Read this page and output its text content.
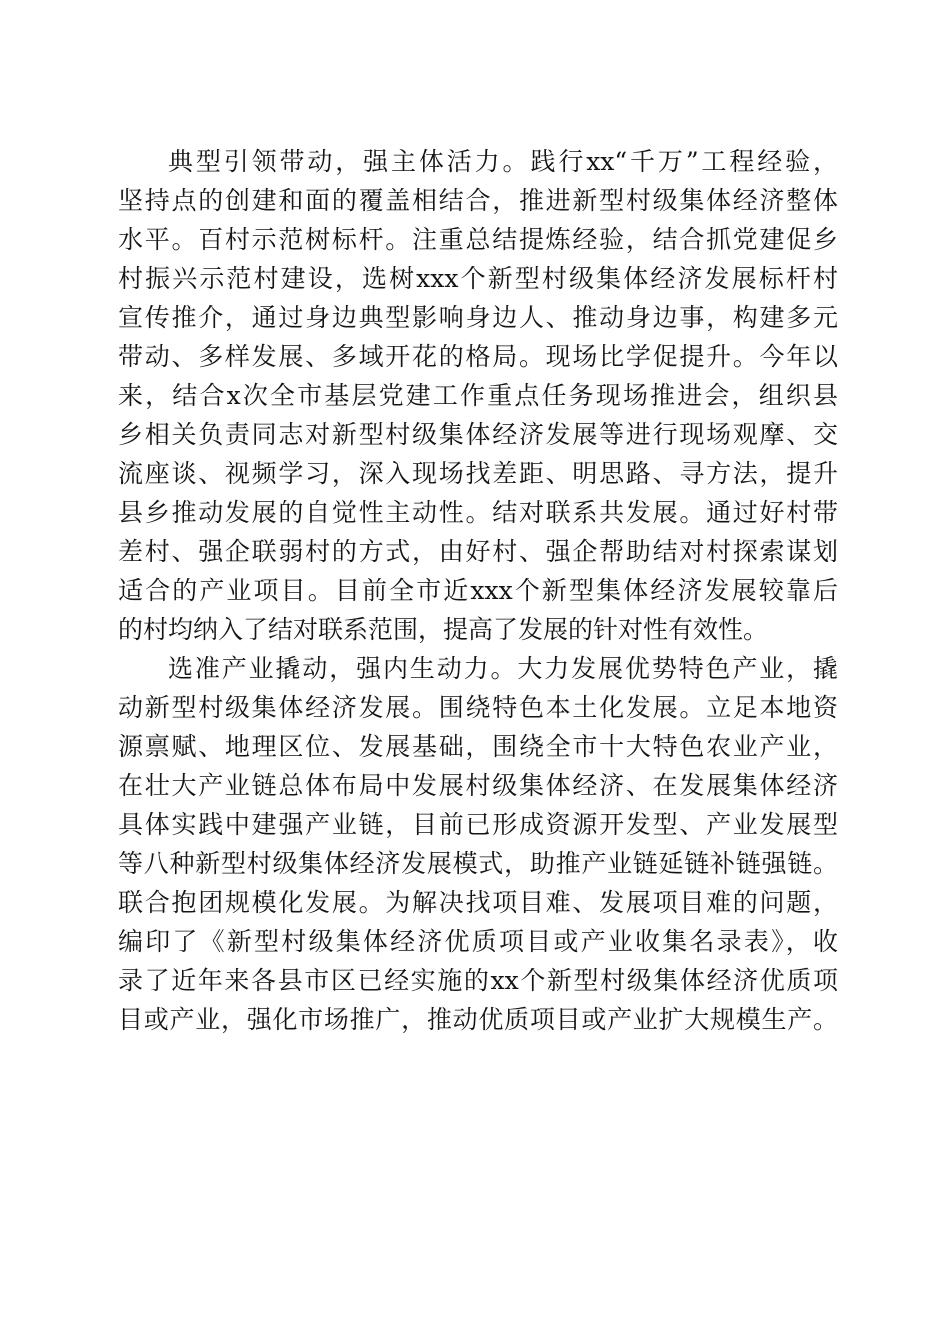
典型引领带动，强主体活力。践行xx“千万”工程经验，
坚持点的创建和面的覆盖相结合，推进新型村级集体经济整体
水平。百村示范树标杆。注重总结提炼经验，结合抓党建促乡
村振兴示范村建设，选树xxx个新型村级集体经济发展标杆村
宣传推介，通过身边典型影响身边人、推动身边事，构建多元
带动、多样发展、多域开花的格局。现场比学促提升。今年以
来，结合x次全市基层党建工作重点任务现场推进会，组织县
乡相关负责同志对新型村级集体经济发展等进行现场观摩、交
流座谈、视频学习，深入现场找差距、明思路、寻方法，提升
县乡推动发展的自觉性主动性。结对联系共发展。通过好村带
差村、强企联弱村的方式，由好村、强企帮助结对村探索谋划
适合的产业项目。目前全市近xxx个新型集体经济发展较靠后
的村均纳入了结对联系范围，提高了发展的针对性有效性。
选准产业撬动，强内生动力。大力发展优势特色产业，撬
动新型村级集体经济发展。围绕特色本土化发展。立足本地资
源禀赋、地理区位、发展基础，围绕全市十大特色农业产业，
在壮大产业链总体布局中发展村级集体经济、在发展集体经济
具体实践中建强产业链，目前已形成资源开发型、产业发展型
等八种新型村级集体经济发展模式，助推产业链延链补链强链。
联合抱团规模化发展。为解决找项目难、发展项目难的问题，
编印了《新型村级集体经济优质项目或产业收集名录表》，收
录了近年来各县市区已经实施的xx个新型村级集体经济优质项
目或产业，强化市场推广，推动优质项目或产业扩大规模生产。
